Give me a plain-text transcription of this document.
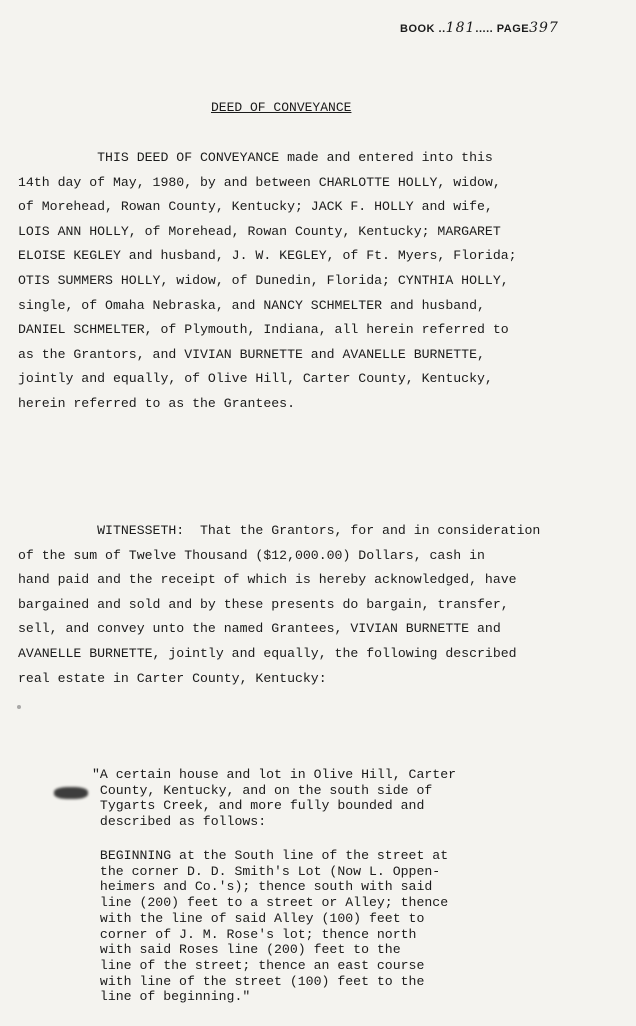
BOOK ..181..... PAGE397
DEED OF CONVEYANCE
THIS DEED OF CONVEYANCE made and entered into this
14th day of May, 1980, by and between CHARLOTTE HOLLY, widow,
of Morehead, Rowan County, Kentucky; JACK F. HOLLY and wife,
LOIS ANN HOLLY, of Morehead, Rowan County, Kentucky; MARGARET
ELOISE KEGLEY and husband, J. W. KEGLEY, of Ft. Myers, Florida;
OTIS SUMMERS HOLLY, widow, of Dunedin, Florida; CYNTHIA HOLLY,
single, of Omaha Nebraska, and NANCY SCHMELTER and husband,
DANIEL SCHMELTER, of Plymouth, Indiana, all herein referred to
as the Grantors, and VIVIAN BURNETTE and AVANELLE BURNETTE,
jointly and equally, of Olive Hill, Carter County, Kentucky,
herein referred to as the Grantees.
WITNESSETH:  That the Grantors, for and in consideration
of the sum of Twelve Thousand ($12,000.00) Dollars, cash in
hand paid and the receipt of which is hereby acknowledged, have
bargained and sold and by these presents do bargain, transfer,
sell, and convey unto the named Grantees, VIVIAN BURNETTE and
AVANELLE BURNETTE, jointly and equally, the following described
real estate in Carter County, Kentucky:
"A certain house and lot in Olive Hill, Carter
County, Kentucky, and on the south side of
Tygarts Creek, and more fully bounded and
described as follows:
BEGINNING at the South line of the street at
the corner D. D. Smith's Lot (Now L. Oppen-
heimers and Co.'s); thence south with said
line (200) feet to a street or Alley; thence
with the line of said Alley (100) feet to
corner of J. M. Rose's lot; thence north
with said Roses line (200) feet to the
line of the street; thence an east course
with line of the street (100) feet to the
line of beginning."
